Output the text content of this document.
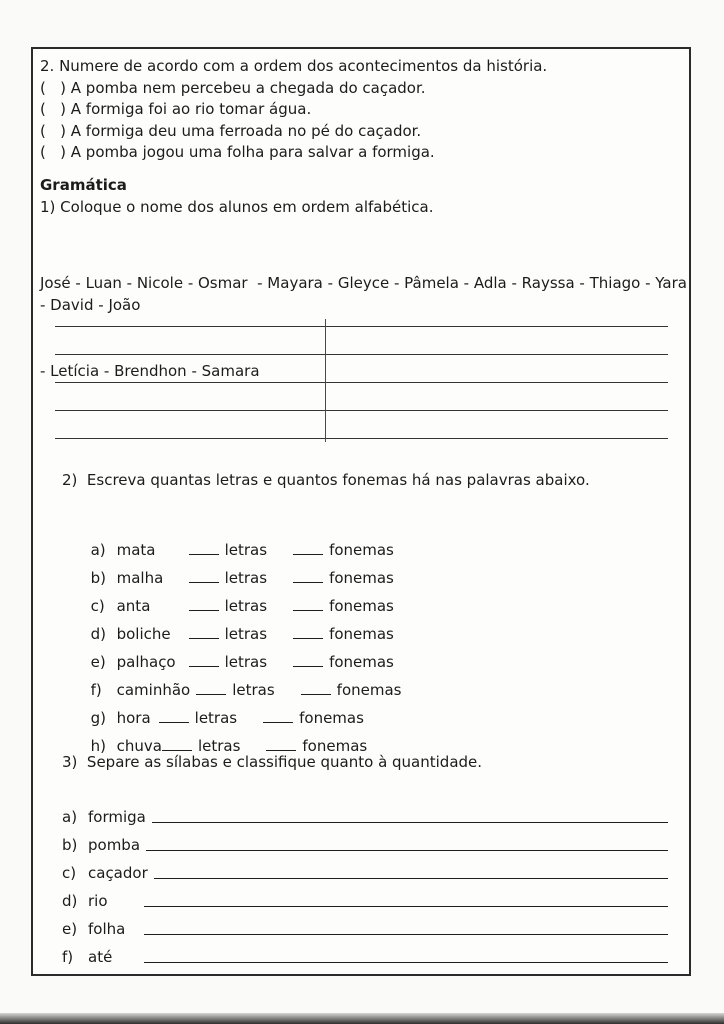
2. Numere de acordo com a ordem dos acontecimentos da história.
(   ) A pomba nem percebeu a chegada do caçador.
(   ) A formiga foi ao rio tomar água.
(   ) A formiga deu uma ferroada no pé do caçador.
(   ) A pomba jogou uma folha para salvar a formiga.
Gramática
1) Coloque o nome dos alunos em ordem alfabética.

José - Luan - Nicole - Osmar  - Mayara - Gleyce - Pâmela - Adla - Rayssa - Thiago - Yara - David - João

- Letícia - Brendhon - Samara

2)  Escreva quantas letras e quantos fonemas há nas palavras abaixo.

a) mata	letras	fonemas

b) malha	letras	fonemas

c) anta	letras	fonemas

d) boliche	letras	fonemas

e) palhaço	letras	fonemas

f) caminhão	letras	fonemas

g) hora	letras	fonemas

h) chuva letras	fonemas

3)  Separe as sílabas e classifique quanto à quantidade.
a) formiga
b) pomba
c) caçador
d) rio
e) folha
f) até
